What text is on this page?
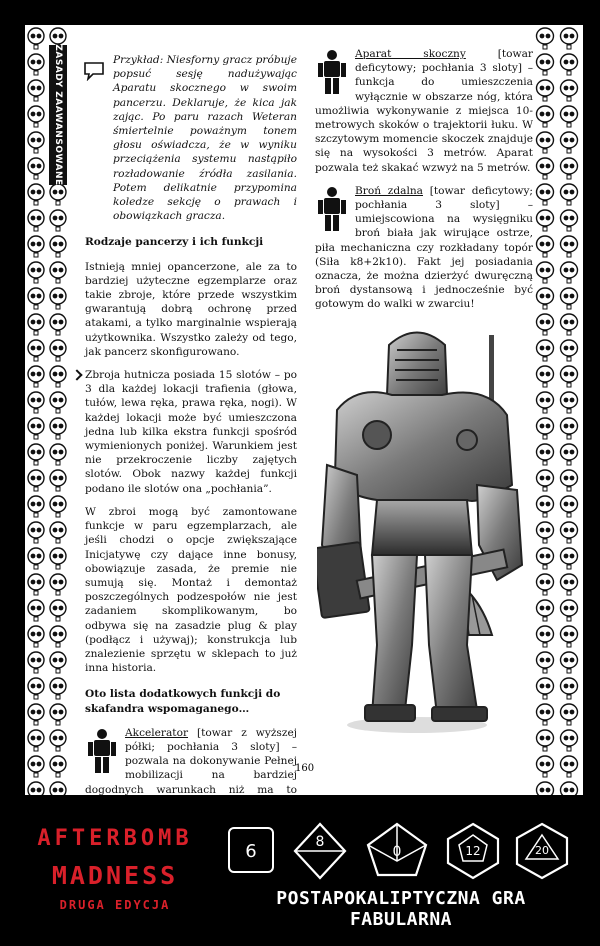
ZASADY ZAAWANSOWANE	Przykład: Niesforny gracz próbuje popsuć sesję nadużywając Aparatu skocznego w swoim pancerzu. Deklaruje, że kica jak zając. Po paru razach Weteran śmiertelnie poważnym tonem głosu oświadcza, że w wyniku przeciążenia systemu nastąpiło rozładowanie źródła zasilania. Potem delikatnie przypomina koledze sekcję o prawach i obowiązkach gracza.

Rodzaje pancerzy i ich funkcji

Istnieją mniej opancerzone, ale za to bardziej użyteczne egzemplarze oraz takie zbroje, które przede wszystkim gwarantują dobrą ochronę przed atakami, a tylko marginalnie wspierają użytkownika. Wszystko zależy od tego, jak pancerz skonfigurowano.

Zbroja hutnicza posiada 15 slotów – po 3 dla każdej lokacji trafienia (głowa, tułów, lewa ręka, prawa ręka, nogi). W każdej lokacji może być umieszczona jedna lub kilka ekstra funkcji spośród wymienionych poniżej. Warunkiem jest nie przekroczenie liczby zajętych slotów. Obok nazwy każdej funkcji podano ile slotów ona „pochłania”.

W zbroi mogą być zamontowane funkcje w paru egzemplarzach, ale jeśli chodzi o opcje zwiększające Inicjatywę czy dające inne bonusy, obowiązuje zasada, że premie nie sumują się. Montaż i demontaż poszczególnych podzespołów nie jest zadaniem skomplikowanym, bo odbywa się na zasadzie plug & play (podłącz i używaj); konstrukcja lub znalezienie sprzętu w sklepach to już inna historia.

Oto lista dodatkowych funkcji do skafandra wspomaganego…

Akcelerator [towar z wyższej półki; pochłania 3 sloty] – pozwala na dokonywanie Pełnej mobilizacji na bardziej dogodnych warunkach niż ma to

Aparat skoczny [towar deficytowy; pochłania 3 sloty] – funkcja do umieszczenia wyłącznie w obszarze nóg, która umożliwia wykonywanie z miejsca 10-metrowych skoków o trajektorii łuku. W szczytowym momencie skoczek znajduje się na wysokości 3 metrów. Aparat pozwala też skakać wzwyż na 5 metrów.

Broń zdalna [towar deficytowy; pochłania 3 sloty] – umiejscowiona na wysięgniku broń biała jak wirujące ostrze, piła mechaniczna czy rozkładany topór (Siła k8+2k10). Fakt jej posiadania oznacza, że można dzierżyć dwuręczną broń dystansową i jednocześnie być gotowym do walki w zwarciu!

160
AFTERBOMB
MADNESS
DRUGA EDYCJA
6	8
0	12	20
POSTAPOKALIPTYCZNA GRA FABULARNA
